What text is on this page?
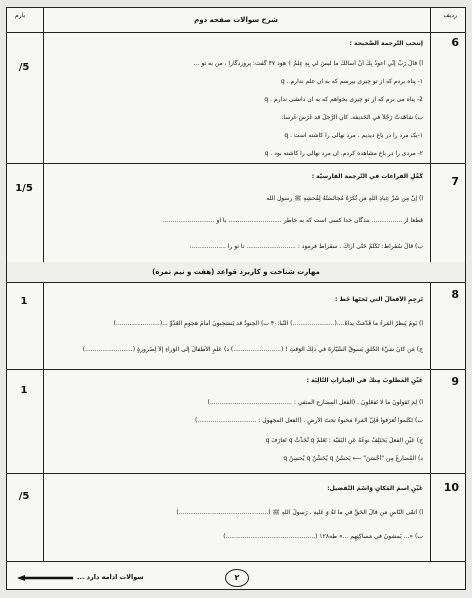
بارم	ردیف
شرح سوالات صفحه دوم
/5
6
إنتخب التَّرجمة الصَّحيحة :
أ) قالَ رَبِّ إنِّي أعوذُ بِكَ أنْ أسأَلَكَ ما لَيسَ لي بِهِ عِلْمٌ ﴾ هود ۴۷ گفت: پروردگارا ، من به تو ...
۱- پناه بردم که از تو چیزی بپرسم که به آن علم ندارم . q
2- پناه می برم که از تو چیزی بخواهم که به آن دانشی ندارم . q
ب) شاهَدتُ رَجُلاً في الحَديقة. كان الرَّجلُ قد غَرَسَ غَرساً:
۱-یک مرد را در باغ دیدیم . مرد نهالی را کاشته است . q
۲- مردی را در باغ مشاهده کردم. آن مرد نهالی را کاشته بود . q
1/5
7
كَمِّلِ الفراغات في التَّرجمة الفارسيَّة :
أ) إنَّ مِن شَرِّ عِبادِ اللهِ مَن تُكرَهُ مُجالَسَتُهُ لِفُحشِهِ ﷺ رسول الله
قطعاً از ................ بندگان خدا کسی است که به خاطر ............................ با او ...........................
ب) قالَ سُقراط: تَكَلَّمْ حَتّى أراكَ . سقراط فرمود : .......................... تا تو را ...................
مهارت شناخت و کاربرد قواعد (هفت و نیم نمره)
1
8
تَرجِمِ الأفعالَ الّتي تَحتَها خَطٌّ :
أ) يَومَ يَنظُرُ المَرءُ ما قَدَّمَتْ يداهُ....(......................) النّبأ:۴۰ ب) الجنودُ قد يَنسَحِبونَ أمامَ هجومِ العَدُوِّ ...(.......................)
ج) مَن كانَ سَيِّءَ الخُلقِ يَسوقُ السَّيّارةَ في ذلِكَ الوَقتِ ! (.........................) د) عَلِّمِ الأطفالَ إلى الوَراءِ إلاّ لِضَرورةٍ (.........................)
1
9
عَيِّنِ المَطلوبَ مِنكَ في العِباراتِ التّالِيَة :
أ) لِمَ تَقولونَ ما لا تَفعَلونَ . (الفعل المضارع المنفي : ...........................................)
ب) تَكَلَّموا تُعرَفوا فَإنَّ المَرءَ مَخبوءٌ تحتَ الأرضِ . (الفعل المجهول : ...............................)
ج) عَيِّنِ الفعلَ يَختَلِفُ نوعُهُ عَن البَقيَّة : تَعَلَّمْ q تُحَدِّثُ q تَعارَفَ q
د) المُضارعُ مِن "أحْسَنَ" ⟵ يَحسُنُ q يُحَسِّنُ q يُحسِنُ q
/5
10
عَيِّنِ اسمَ المَكانِ وَاسْمَ التَّفضيل:
أ) أتقَى النّاسِ مَن قالَ الحَقَّ في ما لَهُ وَ عَلَيهِ . رَسولُ اللهِ ﷺ (...............................................)
ب) «... يَمشونَ في مَساكِنِهِم ...» طه۱۲۸ (...............................................)
سوالات ادامه دارد ...	۲
